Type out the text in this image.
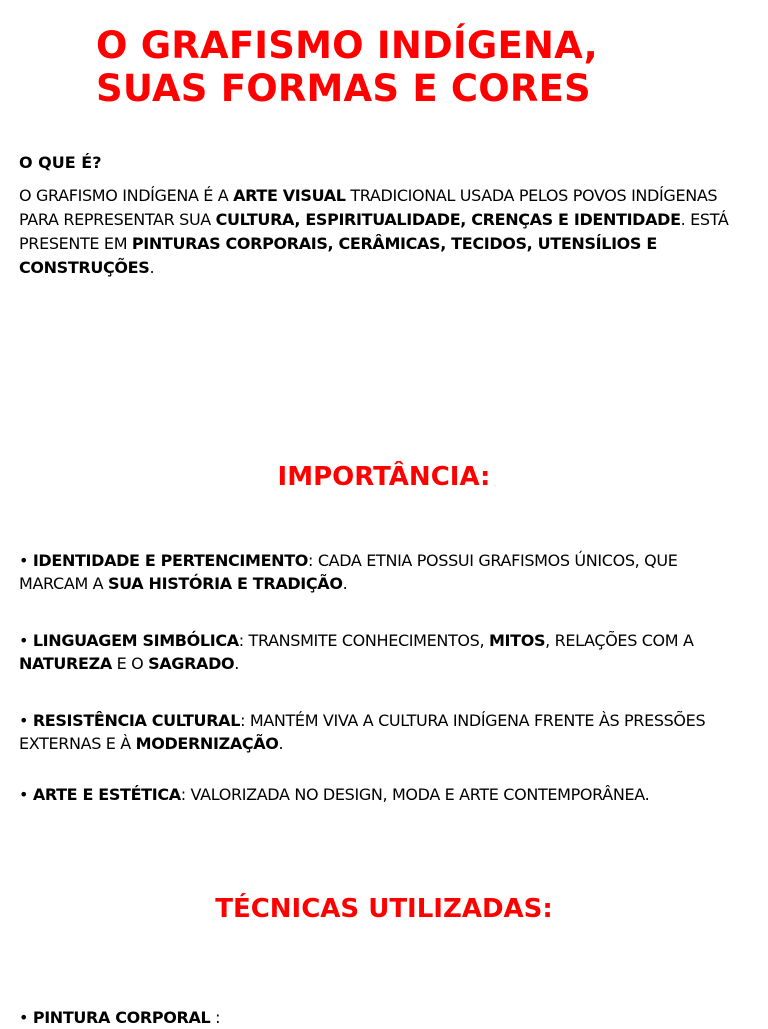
O GRAFISMO INDÍGENA,
SUAS FORMAS E CORES

O QUE É?

O GRAFISMO INDÍGENA É A ARTE VISUAL TRADICIONAL USADA PELOS POVOS INDÍGENAS PARA REPRESENTAR SUA CULTURA, ESPIRITUALIDADE, CRENÇAS E IDENTIDADE. ESTÁ PRESENTE EM PINTURAS CORPORAIS, CERÂMICAS, TECIDOS, UTENSÍLIOS E CONSTRUÇÕES.

IMPORTÂNCIA:

• IDENTIDADE E PERTENCIMENTO: CADA ETNIA POSSUI GRAFISMOS ÚNICOS, QUE MARCAM A SUA HISTÓRIA E TRADIÇÃO.

• LINGUAGEM SIMBÓLICA: TRANSMITE CONHECIMENTOS, MITOS, RELAÇÕES COM A NATUREZA E O SAGRADO.

• RESISTÊNCIA CULTURAL: MANTÉM VIVA A CULTURA INDÍGENA FRENTE ÀS PRESSÕES EXTERNAS E À MODERNIZAÇÃO.

• ARTE E ESTÉTICA: VALORIZADA NO DESIGN, MODA E ARTE CONTEMPORÂNEA.

TÉCNICAS UTILIZADAS:

• PINTURA CORPORAL :
